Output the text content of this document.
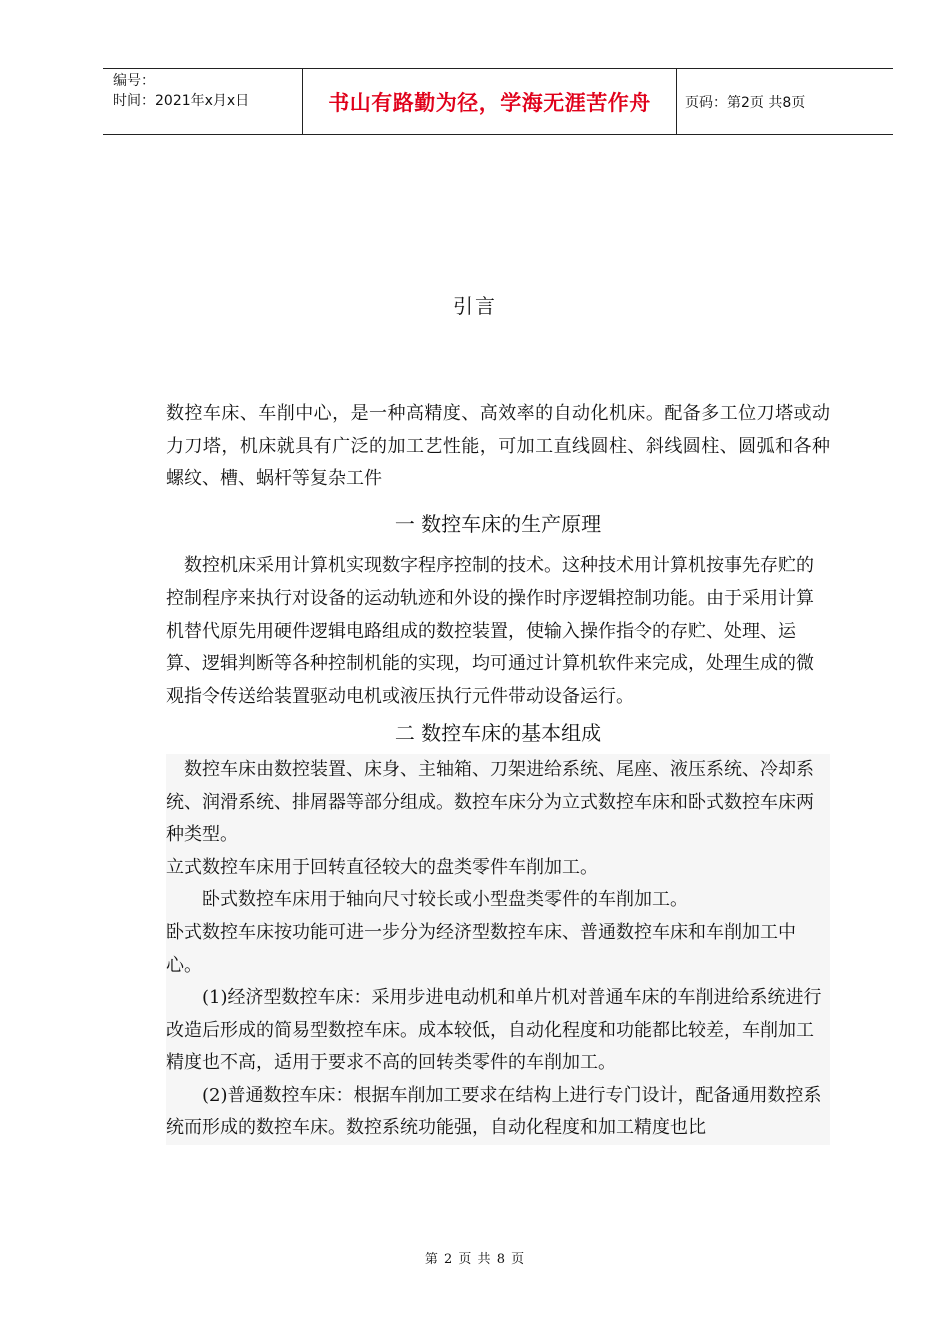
编号：
时间：2021年x月x日	书山有路勤为径，学海无涯苦作舟	页码：第2页 共8页
引言

数控车床、车削中心，是一种高精度、高效率的自动化机床。配备多工位刀塔或动力刀塔，机床就具有广泛的加工艺性能，可加工直线圆柱、斜线圆柱、圆弧和各种螺纹、槽、蜗杆等复杂工件

一 数控车床的生产原理

数控机床采用计算机实现数字程序控制的技术。这种技术用计算机按事先存贮的控制程序来执行对设备的运动轨迹和外设的操作时序逻辑控制功能。由于采用计算机替代原先用硬件逻辑电路组成的数控装置，使输入操作指令的存贮、处理、运算、逻辑判断等各种控制机能的实现，均可通过计算机软件来完成，处理生成的微观指令传送给装置驱动电机或液压执行元件带动设备运行。

二 数控车床的基本组成

数控车床由数控装置、床身、主轴箱、刀架进给系统、尾座、液压系统、冷却系统、润滑系统、排屑器等部分组成。数控车床分为立式数控车床和卧式数控车床两种类型。

立式数控车床用于回转直径较大的盘类零件车削加工。

卧式数控车床用于轴向尺寸较长或小型盘类零件的车削加工。

卧式数控车床按功能可进一步分为经济型数控车床、普通数控车床和车削加工中心。

(1)经济型数控车床：采用步进电动机和单片机对普通车床的车削进给系统进行改造后形成的简易型数控车床。成本较低，自动化程度和功能都比较差，车削加工精度也不高，适用于要求不高的回转类零件的车削加工。

(2)普通数控车床：根据车削加工要求在结构上进行专门设计，配备通用数控系统而形成的数控车床。数控系统功能强，自动化程度和加工精度也比

第 2 页 共 8 页
